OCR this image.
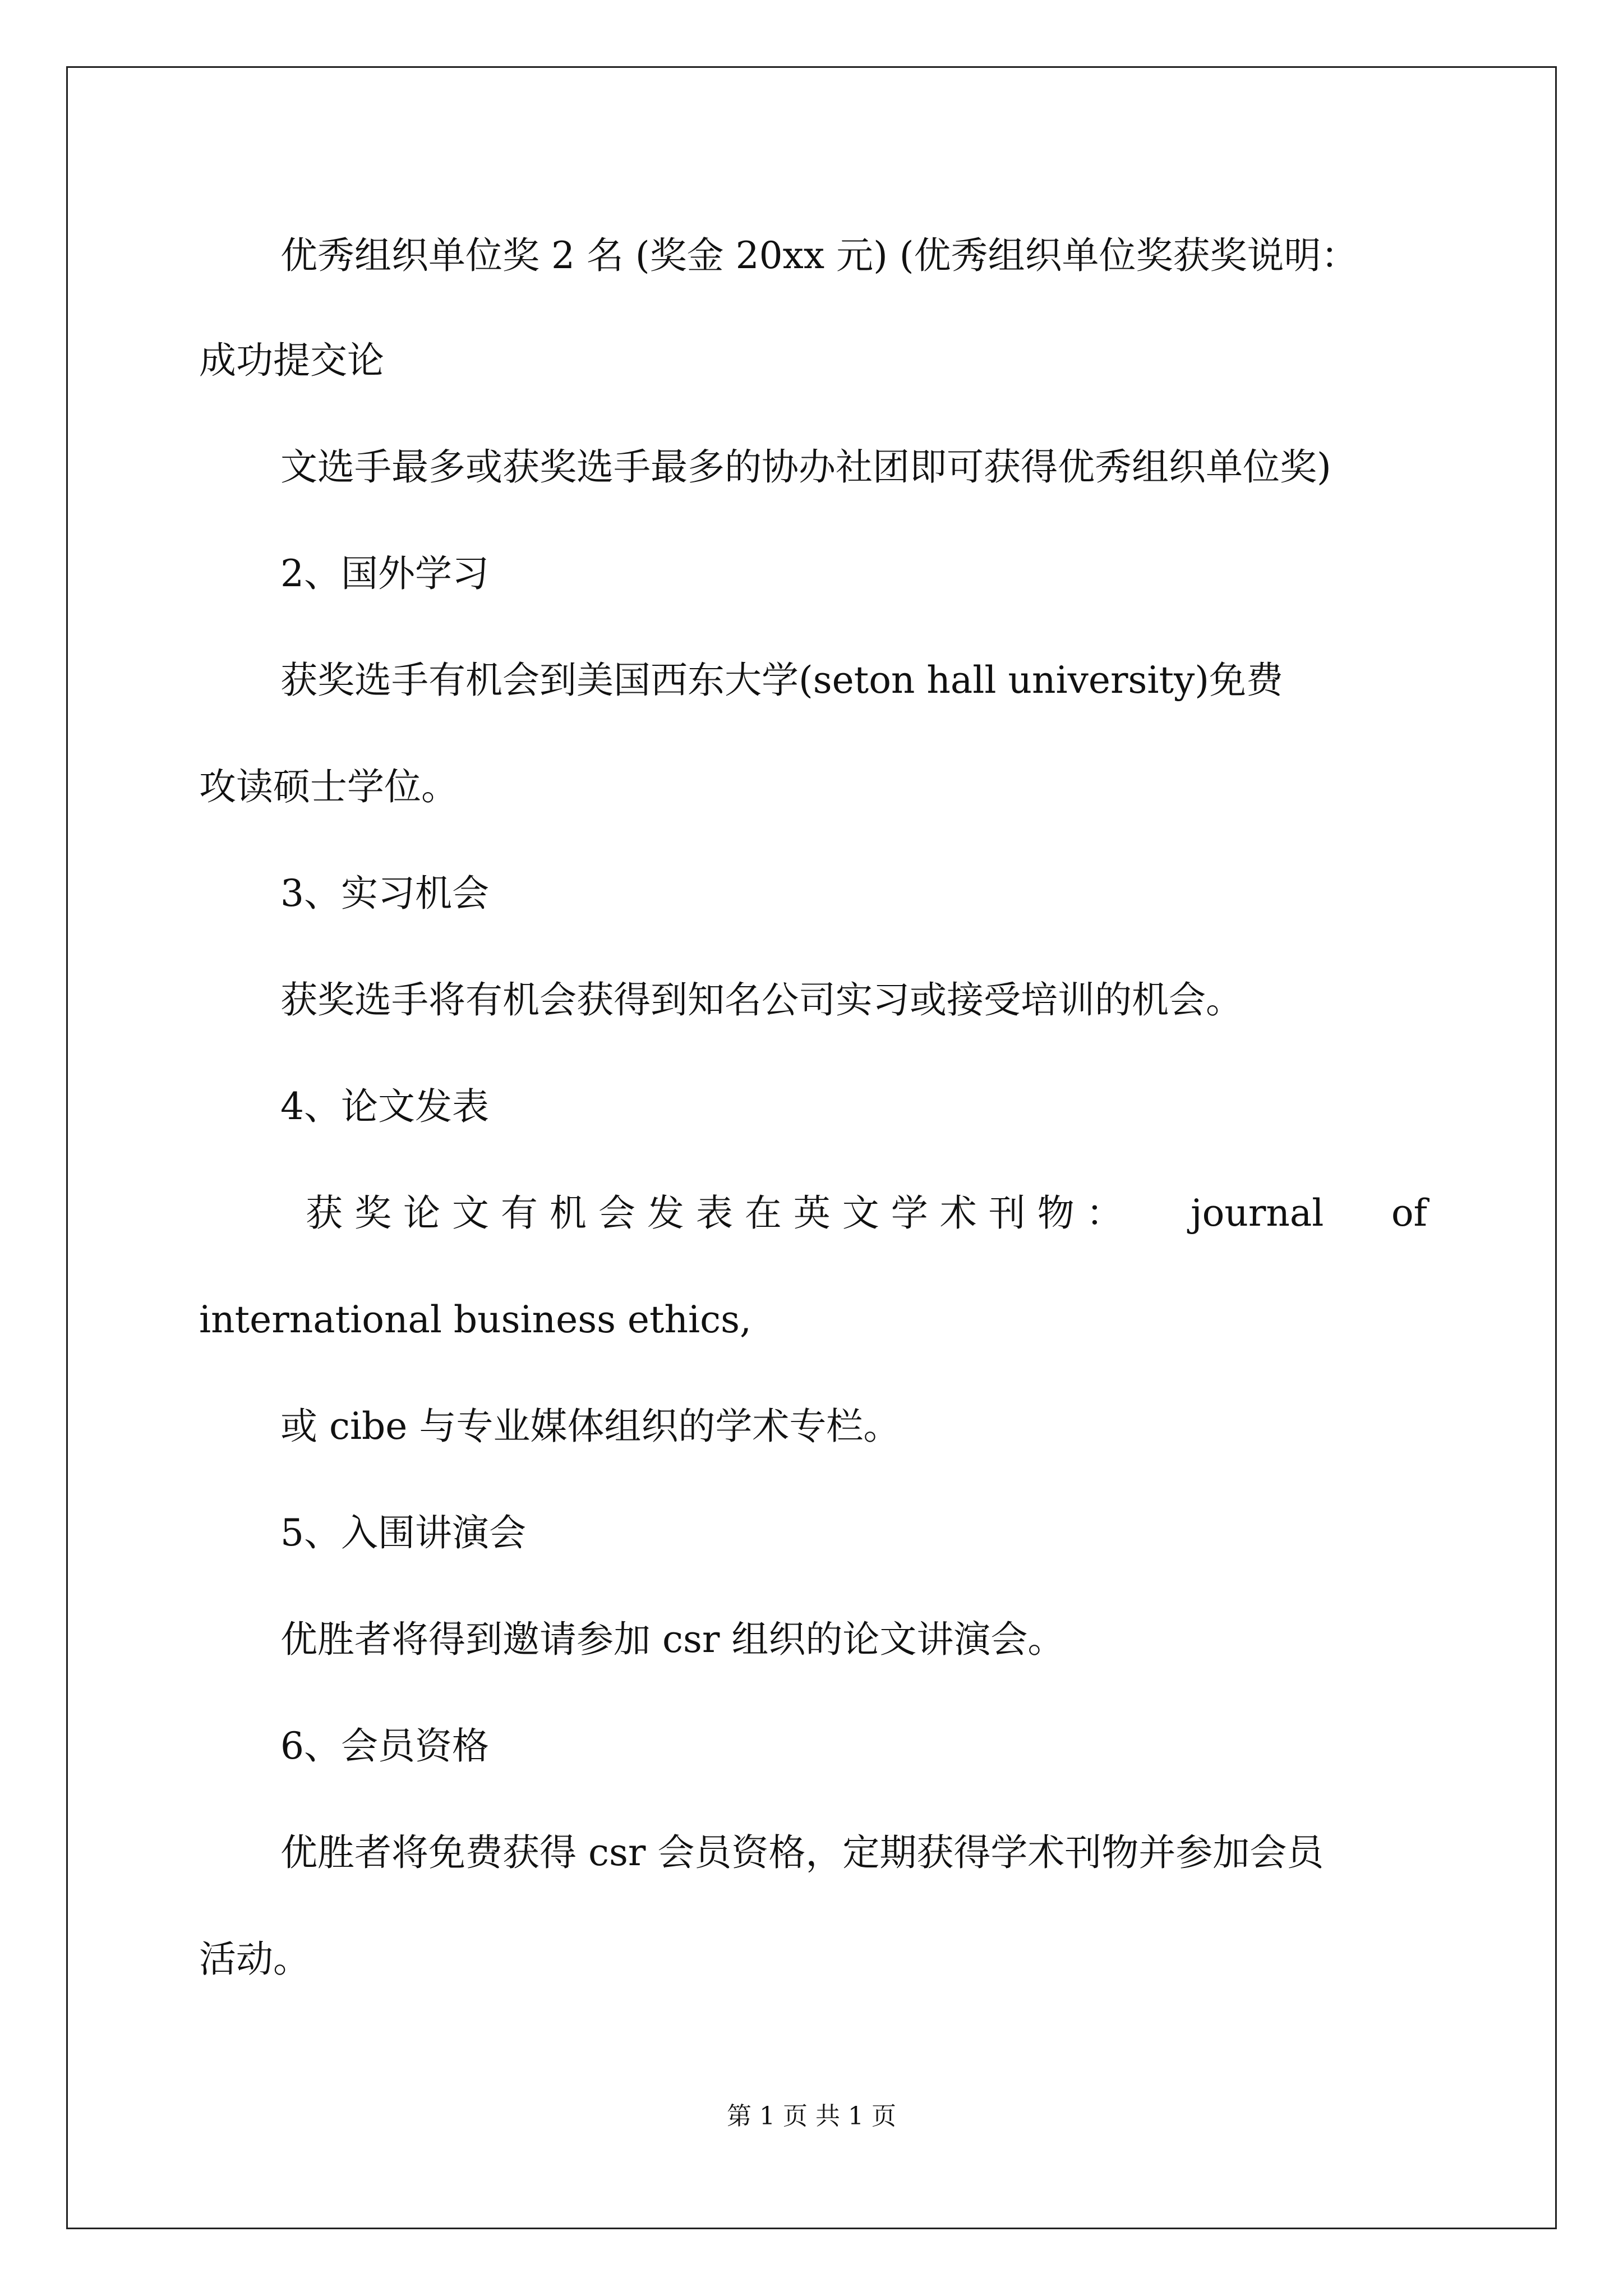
优秀组织单位奖 2 名 (奖金 20xx 元) (优秀组织单位奖获奖说明：
成功提交论
文选手最多或获奖选手最多的协办社团即可获得优秀组织单位奖)
2、国外学习
获奖选手有机会到美国西东大学(seton hall university)免费
攻读硕士学位。
3、实习机会
获奖选手将有机会获得到知名公司实习或接受培训的机会。
4、论文发表
获 奖 论 文 有 机 会 发 表 在 英 文 学 术 刊 物 ： journal of
international business ethics,
或 cibe 与专业媒体组织的学术专栏。
5、入围讲演会
优胜者将得到邀请参加 csr 组织的论文讲演会。
6、会员资格
优胜者将免费获得 csr 会员资格，定期获得学术刊物并参加会员
活动。
第 1 页 共 1 页
